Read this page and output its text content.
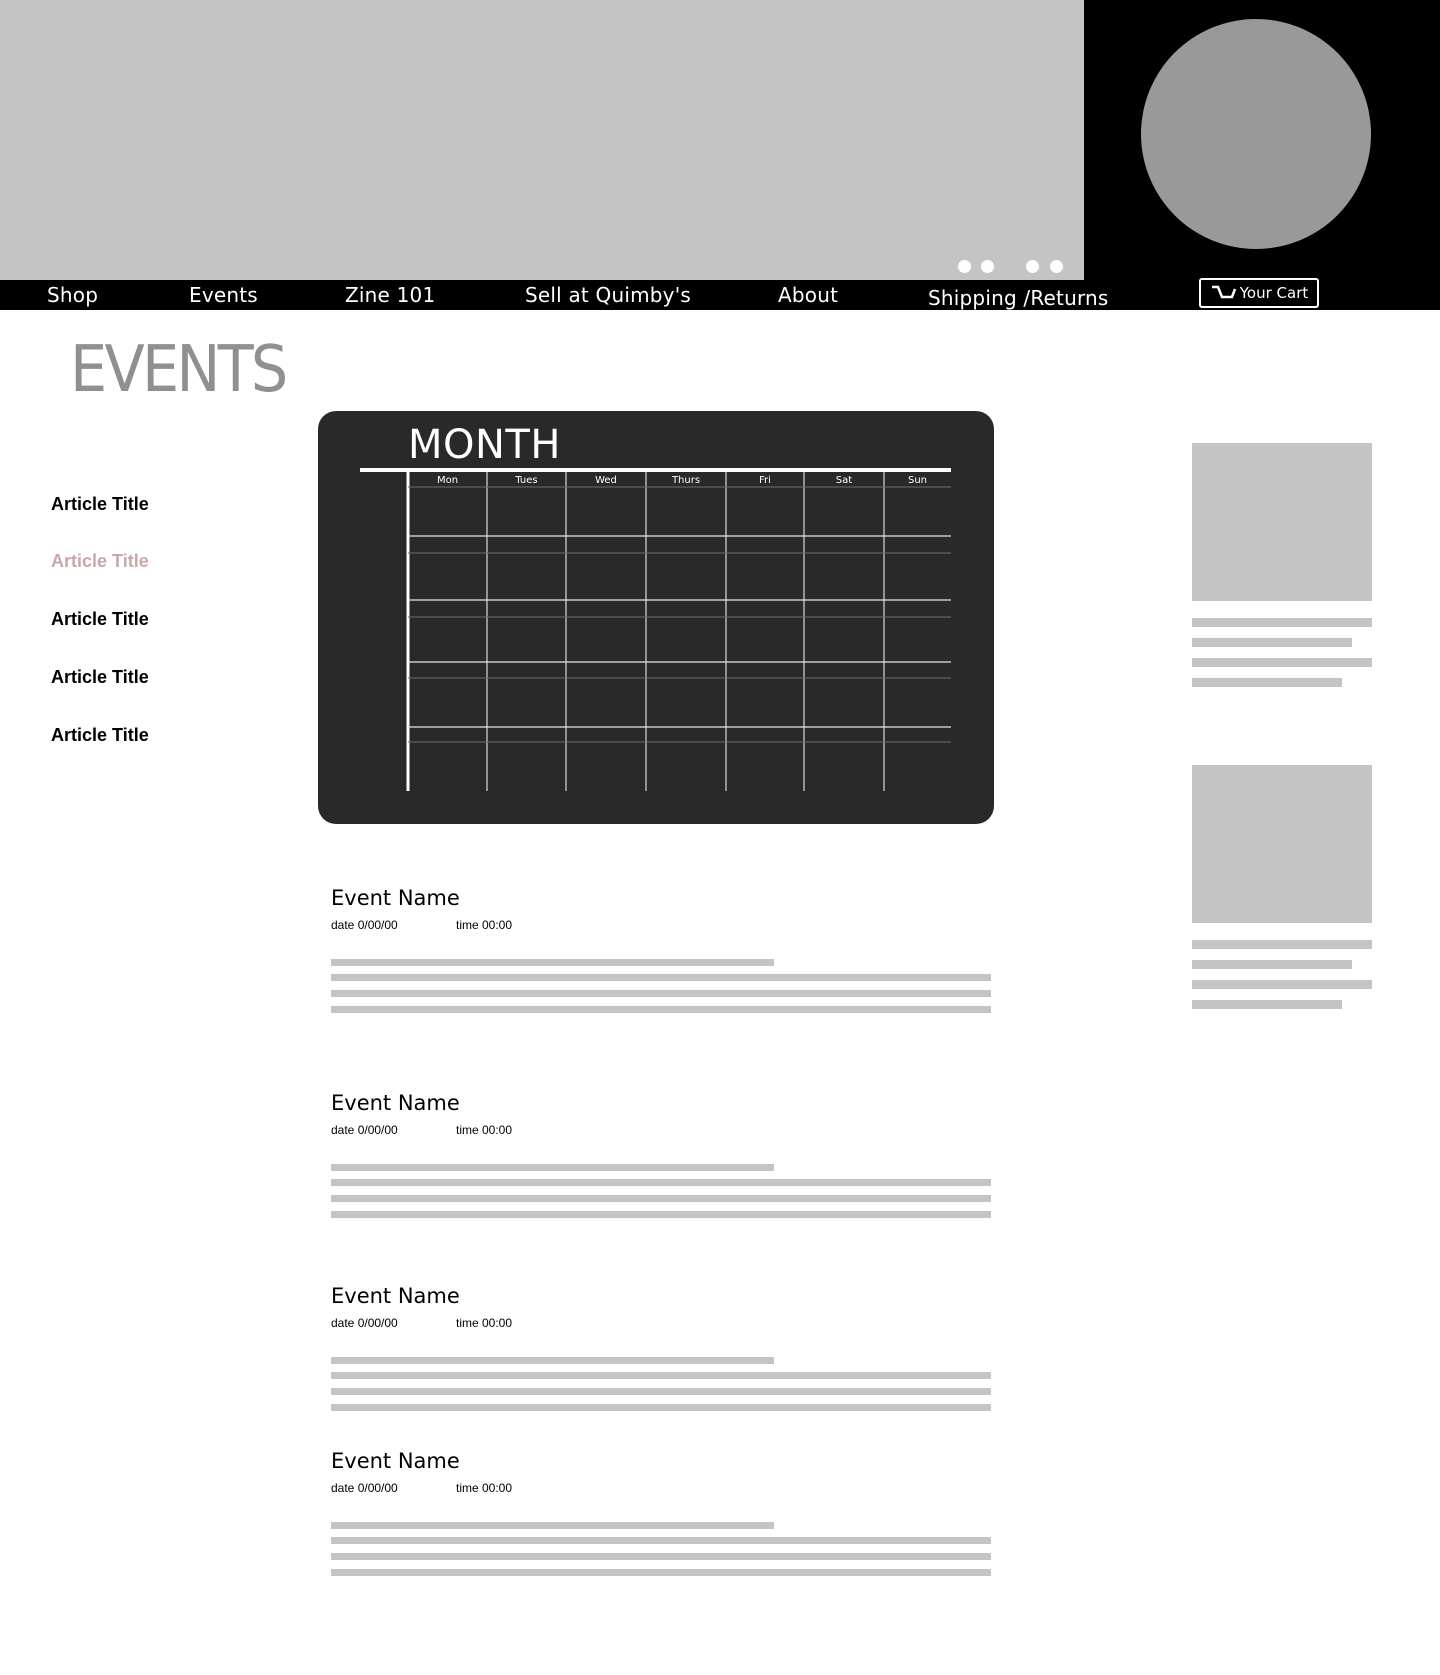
Shop	Events	Zine 101	Sell at Quimby's	About	Shipping /Returns	Your Cart
EVENTS
Article Title
Article Title
Article Title
Article Title
Article Title
Mon	Tues	Wed	Thurs	Fri	Sat	Sun
MONTH
Event Name
date 0/00/00	time 00:00
Event Name
date 0/00/00	time 00:00
Event Name
date 0/00/00	time 00:00
Event Name
date 0/00/00	time 00:00
